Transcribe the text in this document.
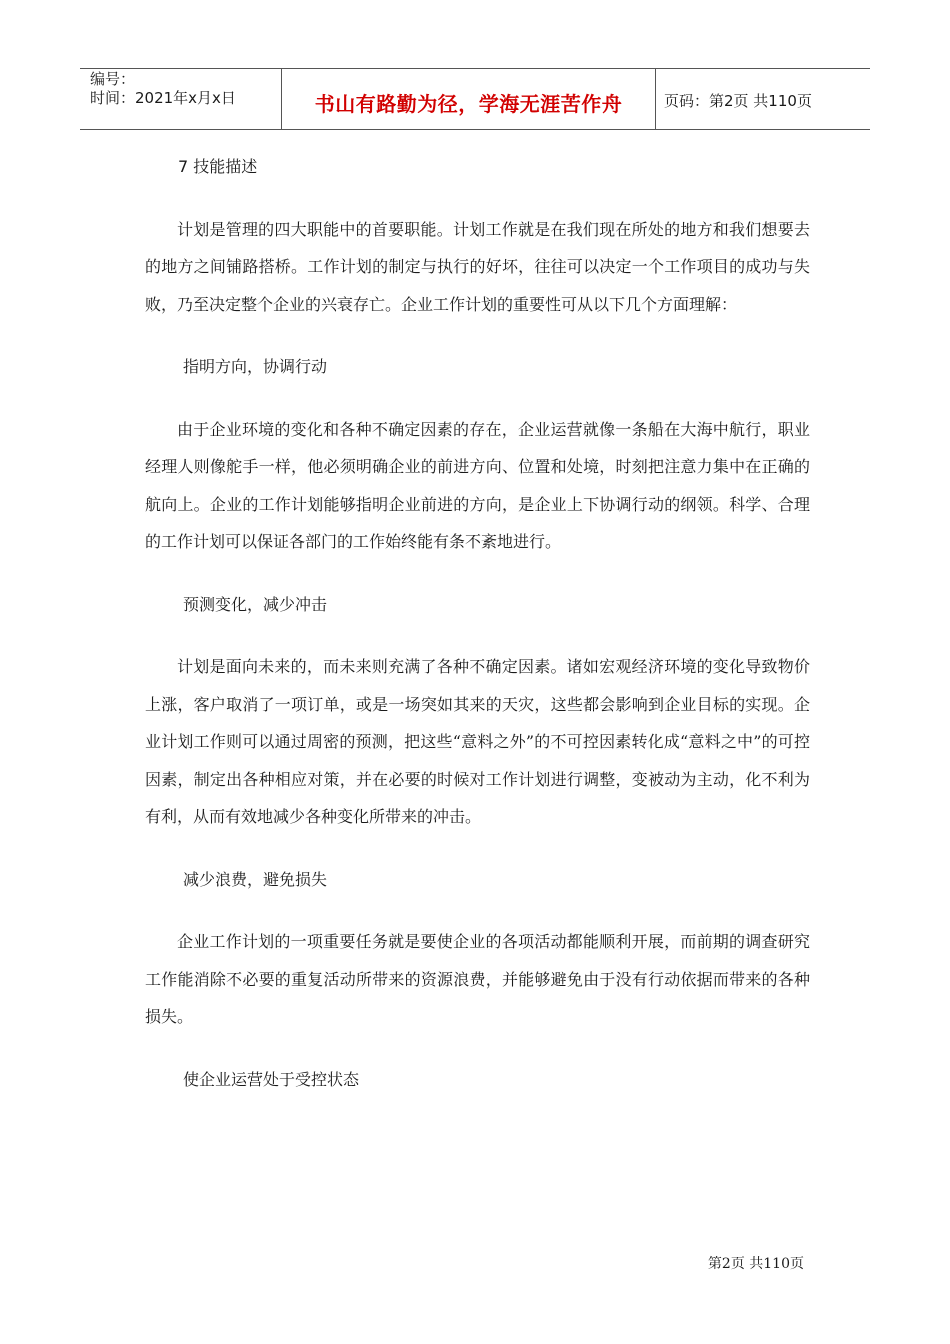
编号：
时间：2021年x月x日	书山有路勤为径，学海无涯苦作舟	页码：第2页 共110页

7 技能描述

计划是管理的四大职能中的首要职能。计划工作就是在我们现在所处的地方和我们想要去的地方之间铺路搭桥。工作计划的制定与执行的好坏，往往可以决定一个工作项目的成功与失败，乃至决定整个企业的兴衰存亡。企业工作计划的重要性可从以下几个方面理解：

指明方向，协调行动

由于企业环境的变化和各种不确定因素的存在，企业运营就像一条船在大海中航行，职业经理人则像舵手一样，他必须明确企业的前进方向、位置和处境，时刻把注意力集中在正确的航向上。企业的工作计划能够指明企业前进的方向，是企业上下协调行动的纲领。科学、合理的工作计划可以保证各部门的工作始终能有条不紊地进行。

预测变化，减少冲击

计划是面向未来的，而未来则充满了各种不确定因素。诸如宏观经济环境的变化导致物价上涨，客户取消了一项订单，或是一场突如其来的天灾，这些都会影响到企业目标的实现。企业计划工作则可以通过周密的预测，把这些“意料之外”的不可控因素转化成“意料之中”的可控因素，制定出各种相应对策，并在必要的时候对工作计划进行调整，变被动为主动，化不利为有利，从而有效地减少各种变化所带来的冲击。

减少浪费，避免损失

企业工作计划的一项重要任务就是要使企业的各项活动都能顺利开展，而前期的调查研究工作能消除不必要的重复活动所带来的资源浪费，并能够避免由于没有行动依据而带来的各种损失。

使企业运营处于受控状态

第2页 共110页
